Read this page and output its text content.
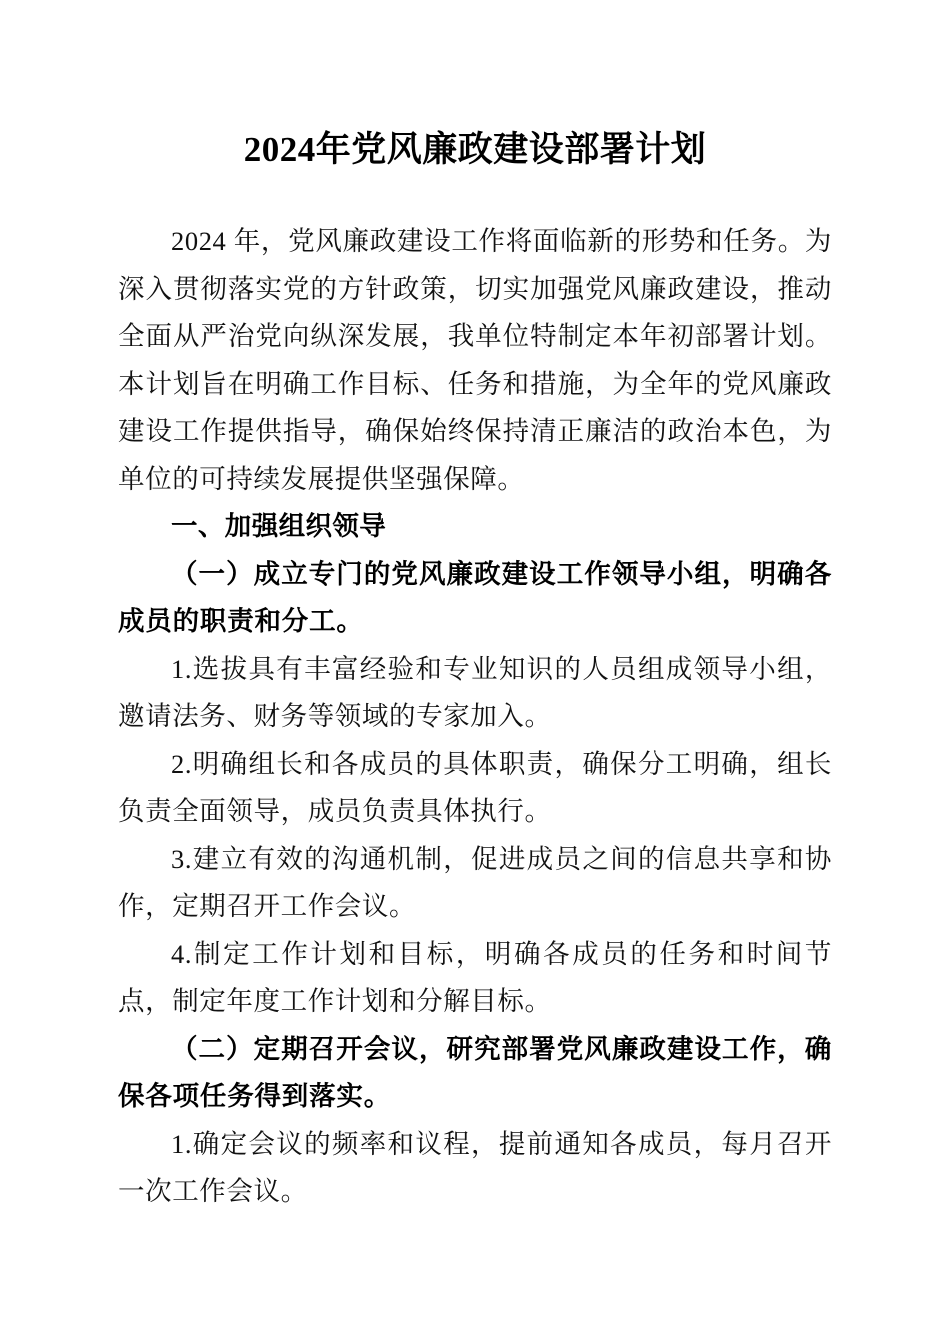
2024年党风廉政建设部署计划

2024 年，党风廉政建设工作将面临新的形势和任务。为深入贯彻落实党的方针政策，切实加强党风廉政建设，推动全面从严治党向纵深发展，我单位特制定本年初部署计划。本计划旨在明确工作目标、任务和措施，为全年的党风廉政建设工作提供指导，确保始终保持清正廉洁的政治本色，为单位的可持续发展提供坚强保障。

一、加强组织领导

（一）成立专门的党风廉政建设工作领导小组，明确各成员的职责和分工。

1.选拔具有丰富经验和专业知识的人员组成领导小组，邀请法务、财务等领域的专家加入。

2.明确组长和各成员的具体职责，确保分工明确，组长负责全面领导，成员负责具体执行。

3.建立有效的沟通机制，促进成员之间的信息共享和协作，定期召开工作会议。

4.制定工作计划和目标，明确各成员的任务和时间节点，制定年度工作计划和分解目标。

（二）定期召开会议，研究部署党风廉政建设工作，确保各项任务得到落实。

1.确定会议的频率和议程，提前通知各成员，每月召开一次工作会议。
